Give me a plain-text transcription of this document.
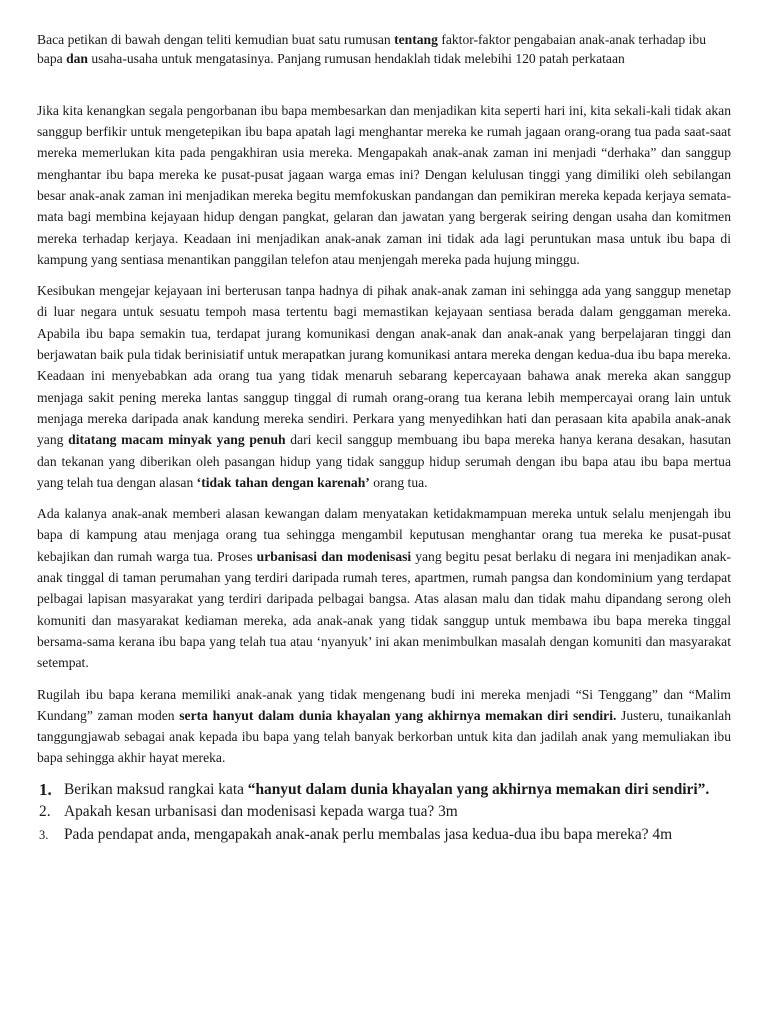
Baca petikan di bawah dengan teliti kemudian buat satu rumusan tentang faktor-faktor pengabaian anak-anak terhadap ibu bapa dan usaha-usaha untuk mengatasinya. Panjang rumusan hendaklah tidak melebihi 120 patah perkataan

Jika kita kenangkan segala pengorbanan ibu bapa membesarkan dan menjadikan kita seperti hari ini, kita sekali-kali tidak akan sanggup berfikir untuk mengetepikan ibu bapa apatah lagi menghantar mereka ke rumah jagaan orang-orang tua pada saat-saat mereka memerlukan kita pada pengakhiran usia mereka. Mengapakah anak-anak zaman ini menjadi “derhaka” dan sanggup menghantar ibu bapa mereka ke pusat-pusat jagaan warga emas ini? Dengan kelulusan tinggi yang dimiliki oleh sebilangan besar anak-anak zaman ini menjadikan mereka begitu memfokuskan pandangan dan pemikiran mereka kepada kerjaya semata-mata bagi membina kejayaan hidup dengan pangkat, gelaran dan jawatan yang bergerak seiring dengan usaha dan komitmen mereka terhadap kerjaya. Keadaan ini menjadikan anak-anak zaman ini tidak ada lagi peruntukan masa untuk ibu bapa di kampung yang sentiasa menantikan panggilan telefon atau menjengah mereka pada hujung minggu.

Kesibukan mengejar kejayaan ini berterusan tanpa hadnya di pihak anak-anak zaman ini sehingga ada yang sanggup menetap di luar negara untuk sesuatu tempoh masa tertentu bagi memastikan kejayaan sentiasa berada dalam genggaman mereka. Apabila ibu bapa semakin tua, terdapat jurang komunikasi dengan anak-anak dan anak-anak yang berpelajaran tinggi dan berjawatan baik pula tidak berinisiatif untuk merapatkan jurang komunikasi antara mereka dengan kedua-dua ibu bapa mereka. Keadaan ini menyebabkan ada orang tua yang tidak menaruh sebarang kepercayaan bahawa anak mereka akan sanggup menjaga sakit pening mereka lantas sanggup tinggal di rumah orang-orang tua kerana lebih mempercayai orang lain untuk menjaga mereka daripada anak kandung mereka sendiri. Perkara yang menyedihkan hati dan perasaan kita apabila anak-anak yang ditatang macam minyak yang penuh dari kecil sanggup membuang ibu bapa mereka hanya kerana desakan, hasutan dan tekanan yang diberikan oleh pasangan hidup yang tidak sanggup hidup serumah dengan ibu bapa atau ibu bapa mertua yang telah tua dengan alasan ‘tidak tahan dengan karenah’ orang tua.

Ada kalanya anak-anak memberi alasan kewangan dalam menyatakan ketidakmampuan mereka untuk selalu menjengah ibu bapa di kampung atau menjaga orang tua sehingga mengambil keputusan menghantar orang tua mereka ke pusat-pusat kebajikan dan rumah warga tua. Proses urbanisasi dan modenisasi yang begitu pesat berlaku di negara ini menjadikan anak-anak tinggal di taman perumahan yang terdiri daripada rumah teres, apartmen, rumah pangsa dan kondominium yang terdapat pelbagai lapisan masyarakat yang terdiri daripada pelbagai bangsa. Atas alasan malu dan tidak mahu dipandang serong oleh komuniti dan masyarakat kediaman mereka, ada anak-anak yang tidak sanggup untuk membawa ibu bapa mereka tinggal bersama-sama kerana ibu bapa yang telah tua atau ‘nyanyuk’ ini akan menimbulkan masalah dengan komuniti dan masyarakat setempat.

Rugilah ibu bapa kerana memiliki anak-anak yang tidak mengenang budi ini mereka menjadi “Si Tenggang” dan “Malim Kundang” zaman moden serta hanyut dalam dunia khayalan yang akhirnya memakan diri sendiri. Justeru, tunaikanlah tanggungjawab sebagai anak kepada ibu bapa yang telah banyak berkorban untuk kita dan jadilah anak yang memuliakan ibu bapa sehingga akhir hayat mereka.

1. Berikan maksud rangkai kata “hanyut dalam dunia khayalan yang akhirnya memakan diri sendiri”.
2. Apakah kesan urbanisasi dan modenisasi kepada warga tua? 3m
3. Pada pendapat anda, mengapakah anak-anak perlu membalas jasa kedua-dua ibu bapa mereka? 4m
